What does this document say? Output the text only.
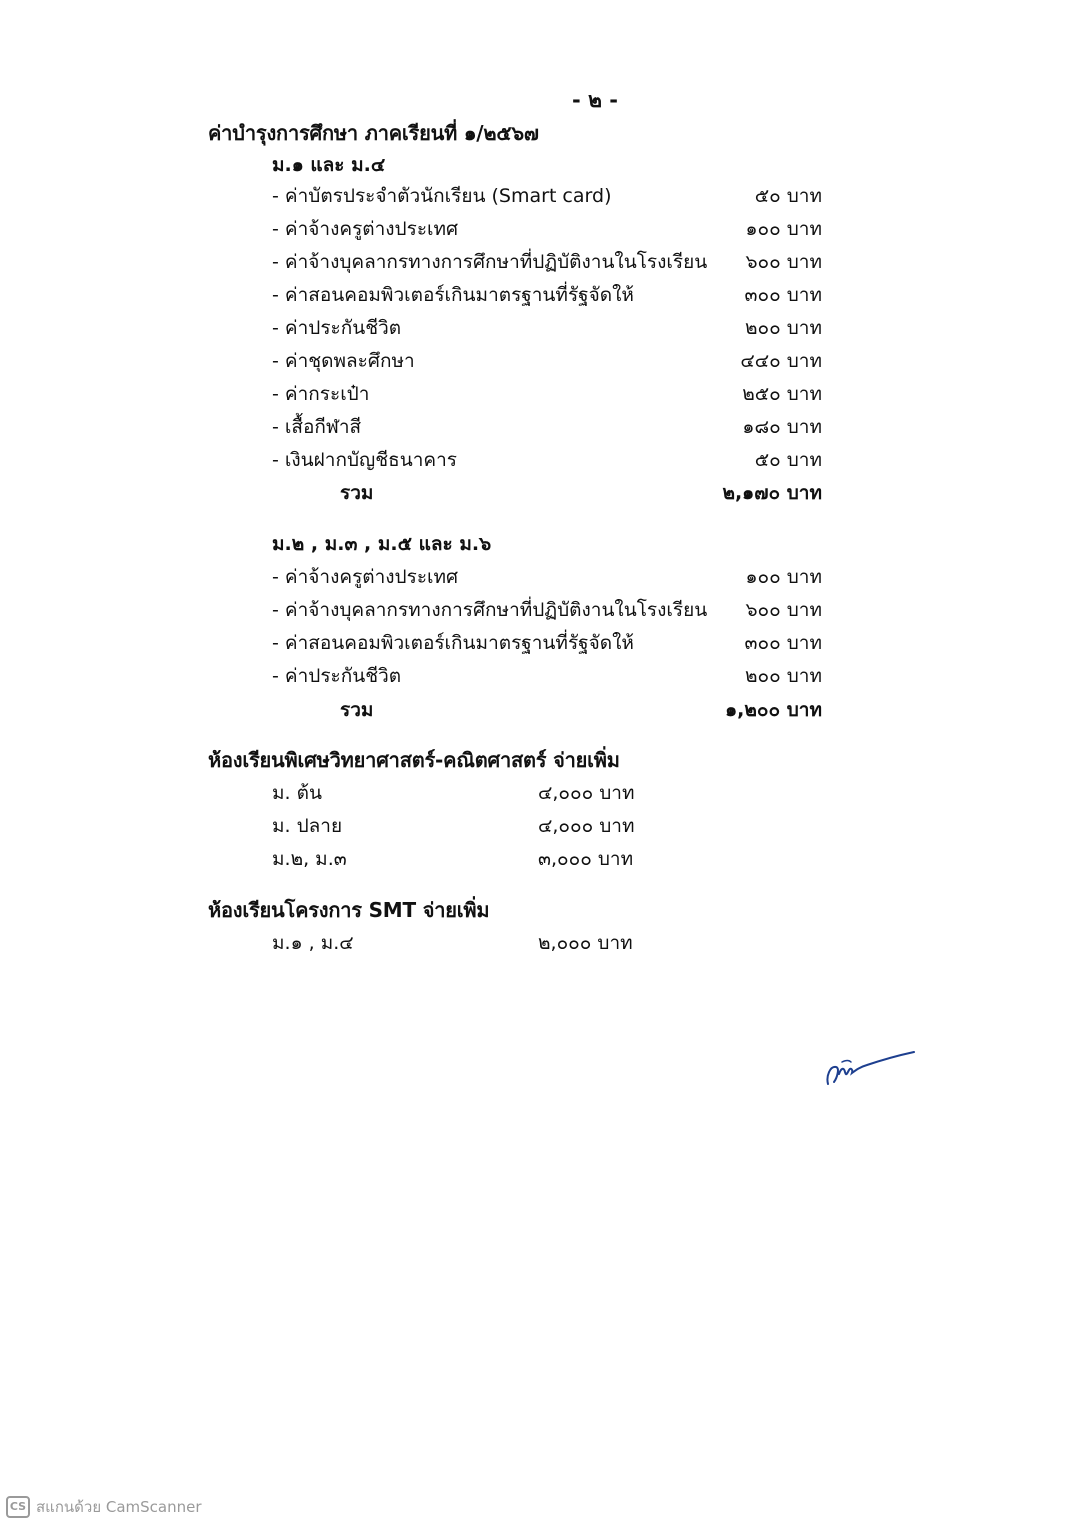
- ๒ -
ค่าบำรุงการศึกษา ภาคเรียนที่ ๑/๒๕๖๗
ม.๑ และ ม.๔
- ค่าบัตรประจำตัวนักเรียน (Smart card)	๕๐ บาท
- ค่าจ้างครูต่างประเทศ	๑๐๐ บาท
- ค่าจ้างบุคลากรทางการศึกษาที่ปฏิบัติงานในโรงเรียน ๖๐๐ บาท
- ค่าสอนคอมพิวเตอร์เกินมาตรฐานที่รัฐจัดให้	๓๐๐ บาท
- ค่าประกันชีวิต	๒๐๐ บาท
- ค่าชุดพละศึกษา	๔๔๐ บาท
- ค่ากระเป๋า	๒๕๐ บาท
- เสื้อกีฬาสี	๑๘๐ บาท
- เงินฝากบัญชีธนาคาร	๕๐ บาท
รวม	๒,๑๗๐ บาท
ม.๒ , ม.๓ , ม.๕ และ ม.๖
- ค่าจ้างครูต่างประเทศ	๑๐๐ บาท
- ค่าจ้างบุคลากรทางการศึกษาที่ปฏิบัติงานในโรงเรียน ๖๐๐ บาท
- ค่าสอนคอมพิวเตอร์เกินมาตรฐานที่รัฐจัดให้	๓๐๐ บาท
- ค่าประกันชีวิต	๒๐๐ บาท
รวม	๑,๒๐๐ บาท
ห้องเรียนพิเศษวิทยาศาสตร์-คณิตศาสตร์ จ่ายเพิ่ม
ม. ต้น	๔,๐๐๐ บาท
ม. ปลาย	๔,๐๐๐ บาท
ม.๒, ม.๓	๓,๐๐๐ บาท
ห้องเรียนโครงการ SMT จ่ายเพิ่ม
ม.๑ , ม.๔	๒,๐๐๐ บาท
CS สแกนด้วย CamScanner
